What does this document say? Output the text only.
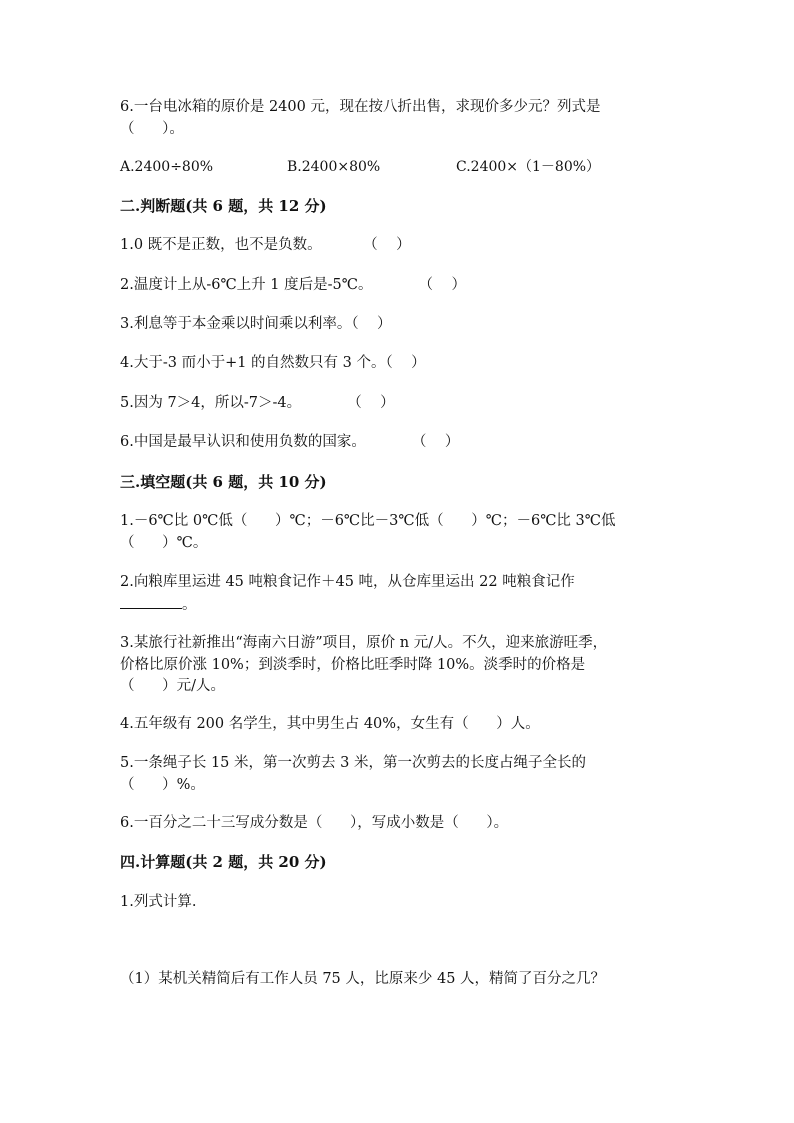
6.一台电冰箱的原价是 2400 元，现在按八折出售，求现价多少元？列式是
（      ）。
A.2400÷80%	B.2400×80%	C.2400×（1－80%）
二.判断题(共 6 题，共 12 分)
1.0 既不是正数，也不是负数。         （    ）
2.温度计上从-6℃上升 1 度后是-5℃。          （    ）
3.利息等于本金乘以时间乘以利率。（    ）
4.大于-3 而小于+1 的自然数只有 3 个。（    ）
5.因为 7＞4，所以-7＞-4。          （    ）
6.中国是最早认识和使用负数的国家。          （    ）
三.填空题(共 6 题，共 10 分)
1.－6℃比 0℃低（      ）℃；－6℃比－3℃低（      ）℃；－6℃比 3℃低
（      ）℃。
2.向粮库里运进 45 吨粮食记作＋45 吨，从仓库里运出 22 吨粮食记作
。
3.某旅行社新推出“海南六日游”项目，原价 n 元/人。不久，迎来旅游旺季，
价格比原价涨 10%；到淡季时，价格比旺季时降 10%。淡季时的价格是
（      ）元/人。
4.五年级有 200 名学生，其中男生占 40%，女生有（      ）人。
5.一条绳子长 15 米，第一次剪去 3 米，第一次剪去的长度占绳子全长的
（      ）%。
6.一百分之二十三写成分数是（      ），写成小数是（      ）。
四.计算题(共 2 题，共 20 分)
1.列式计算.
（1）某机关精简后有工作人员 75 人，比原来少 45 人，精简了百分之几？
